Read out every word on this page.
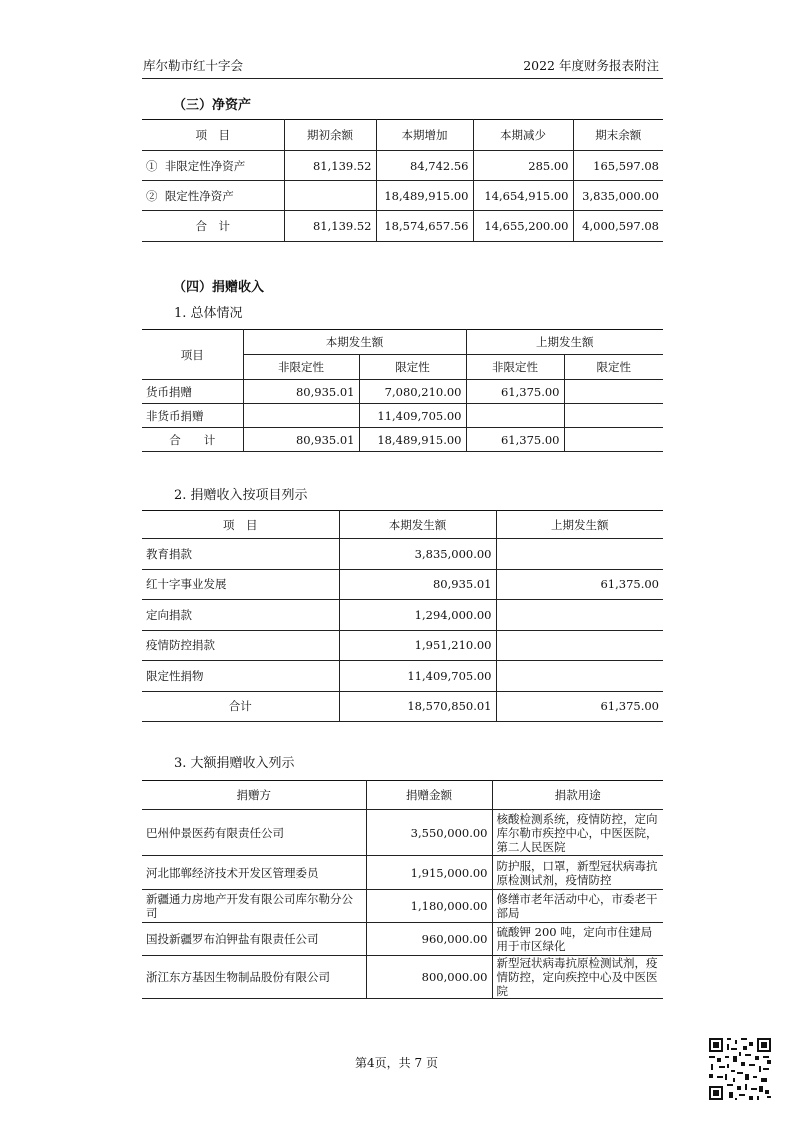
库尔勒市红十字会	2022 年度财务报表附注
（三）净资产
项　目	期初余额	本期增加	本期减少	期末余额
① 非限定性净资产	81,139.52	84,742.56	285.00	165,597.08
② 限定性净资产		18,489,915.00	14,654,915.00	3,835,000.00
合　计	81,139.52	18,574,657.56	14,655,200.00	4,000,597.08
（四）捐赠收入
1. 总体情况
项目	本期发生额		上期发生额	
	非限定性	限定性	非限定性	限定性
货币捐赠	80,935.01	7,080,210.00	61,375.00	
非货币捐赠		11,409,705.00		
合　　计	80,935.01	18,489,915.00	61,375.00	
2. 捐赠收入按项目列示
项　目	本期发生额	上期发生额
教育捐款	3,835,000.00	
红十字事业发展	80,935.01	61,375.00
定向捐款	1,294,000.00	
疫情防控捐款	1,951,210.00	
限定性捐物	11,409,705.00	
合计	18,570,850.01	61,375.00
3. 大额捐赠收入列示
捐赠方	捐赠金额	捐款用途
巴州仲景医药有限责任公司	3,550,000.00	核酸检测系统，疫情防控，定向库尔勒市疾控中心，中医医院，第二人民医院
河北邯郸经济技术开发区管理委员	1,915,000.00	防护服，口罩，新型冠状病毒抗原检测试剂，疫情防控
新疆通力房地产开发有限公司库尔勒分公司	1,180,000.00	修缮市老年活动中心，市委老干部局
国投新疆罗布泊钾盐有限责任公司	960,000.00	硫酸钾 200 吨，定向市住建局用于市区绿化
浙江东方基因生物制品股份有限公司	800,000.00	新型冠状病毒抗原检测试剂，疫情防控，定向疾控中心及中医医院
第4页，共 7 页
